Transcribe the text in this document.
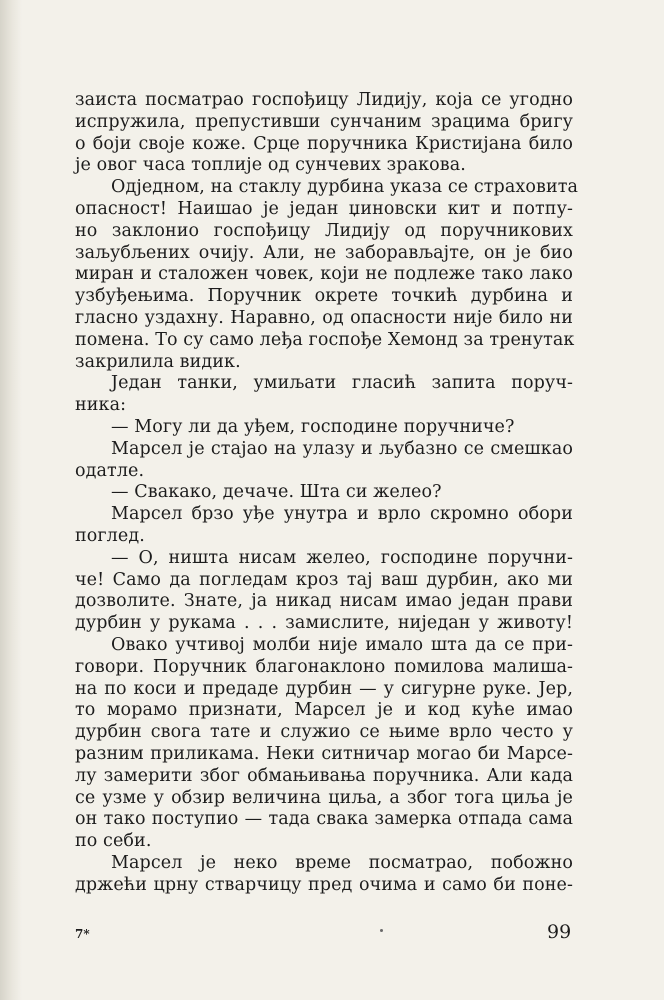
заиста посматрао госпођицу Лидију, која се угодно
испружила, препустивши сунчаним зрацима бригу
о боји своје коже. Срце поручника Кристијана било
је овог часа топлије од сунчевих зракова.
Одједном, на стаклу дурбина указа се страховита
опасност! Наишао је један џиновски кит и потпу-
но заклонио госпођицу Лидију од поручникових
заљубљених очију. Али, не заборављајте, он је био
миран и сталожен човек, који не подлеже тако лако
узбуђењима. Поручник окрете точкић дурбина и
гласно уздахну. Наравно, од опасности није било ни
помена. То су само леђа госпође Хемонд за тренутак
закрилила видик.
Један танки, умиљати гласић запита поруч-
ника:
— Могу ли да уђем, господине поручниче?
Марсел је стајао на улазу и љубазно се смешкао
одатле.
— Свакако, дечаче. Шта си желео?
Марсел брзо уђе унутра и врло скромно обори
поглед.
— О, ништа нисам желео, господине поручни-
че! Само да погледам кроз тај ваш дурбин, ако ми
дозволите. Знате, ја никад нисам имао један прави
дурбин у рукама . . . замислите, ниједан у животу!
Овако учтивој молби није имало шта да се при-
говори. Поручник благонаклоно помилова малиша-
на по коси и предаде дурбин — у сигурне руке. Јер,
то морамо признати, Марсел је и код куће имао
дурбин свога тате и служио се њиме врло често у
разним приликама. Неки ситничар могао би Марсе-
лу замерити због обмањивања поручника. Али када
се узме у обзир величина циља, а због тога циља је
он тако поступио — тада свака замерка отпада сама
по себи.
Марсел је неко време посматрао, побожно
држећи црну стварчицу пред очима и само би поне-
7*	99
